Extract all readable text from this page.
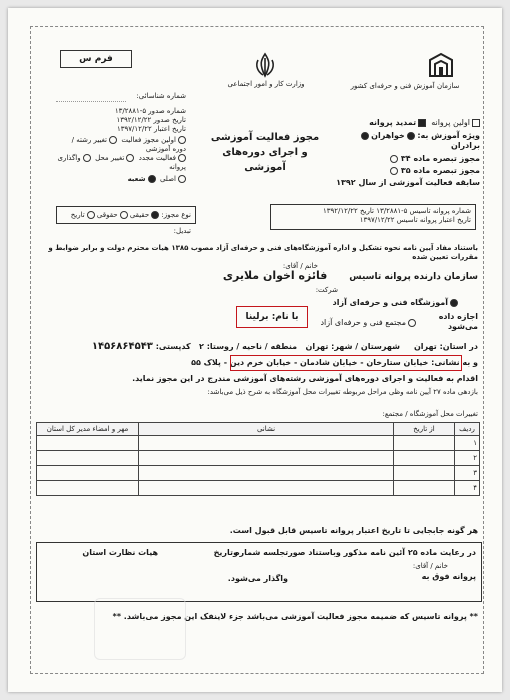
فرم س
وزارت کار و امور اجتماعی	سازمان آموزش فنی و حرفه‌ای کشور
شماره شناسائی:
شماره صدور ۵-۱۳/۲۸۸۱
تاریخ صدور ۱۳۹۲/۱۲/۲۲
تاریخ اعتبار ۱۳۹۷/۱۲/۲۲
اولین مجوز فعالیت  تغییر رشته / دوره آموزشی
فعالیت مجدد  تغییر محل  واگذاری پروانه
اصلی  شعبه
نوع مجوز: حقیقی حقوقی تاریخ تبدیل:
مجوز فعالیت آموزشی
و اجرای دوره‌های آموزشی
اولین پروانه  تمدید پروانه
ویژه آموزش به: خواهران برادران
مجوز تبصره ماده ۳۴
مجوز تبصره ماده ۳۵
سابقه فعالیت آموزشی از سال ۱۳۹۲
شماره پروانه تاسیس ۵-۱۳/۲۸۸۱ تاریخ ۱۳۹۲/۱۲/۲۲
تاریخ اعتبار پروانه تاسیس ۱۳۹۷/۱۲/۲۲
باستناد مفاد آیین نامه نحوه تشکیل و اداره آموزشگاه‌های فنی و حرفه‌ای آزاد مصوب ۱۳۸۵ هیات محترم دولت و برابر ضوابط و مقررات تعیین شده
خانم / آقای:
سازمان دارنده پروانه تاسیس       فائزه اخوان ملایری
شرکت:
آموزشگاه فنی و حرفه‌ای آزاد
اجازه داده می‌شود
مجتمع فنی و حرفه‌ای آزاد
با نام: برلینا
در استان: تهران     شهرستان / شهر: تهران   منطقه / ناحیه / روستا: ۲   کدپستی: ۱۴۵۶۸۶۴۵۴۳
و به نشانی: خیابان ستارخان - خیابان شادمان - خیابان خرم دین - پلاک ۵۵
اقدام به فعالیت و اجرای دوره‌های آموزشی رشته‌های آموزشی مندرج در این مجوز نماید.
بازدهی ماده ۲۷ آیین نامه وظی مراحل مربوطه تغییرات محل آموزشگاه به شرح ذیل می‌باشد:
تغییرات محل آموزشگاه / مجتمع:
ردیف	از تاریخ	نشانی	مهر و امضاء مدیر کل استان
۱			
۲			
۳			
۴			
هر گونه جابجایی تا تاریخ اعتبار پروانه تاسیس قابل قبول است.
در رعایت ماده ۲۵ آئین نامه مذکور وباستناد صورتجلسه شماره
وتاریخ
هیات نظارت استان
خانم / آقای:
پروانه فوق به
واگذار می‌شود.
** پروانه تاسیس که ضمیمه مجوز فعالیت آموزشی می‌باشد جزء لاینفک این مجوز می‌باشد. **
